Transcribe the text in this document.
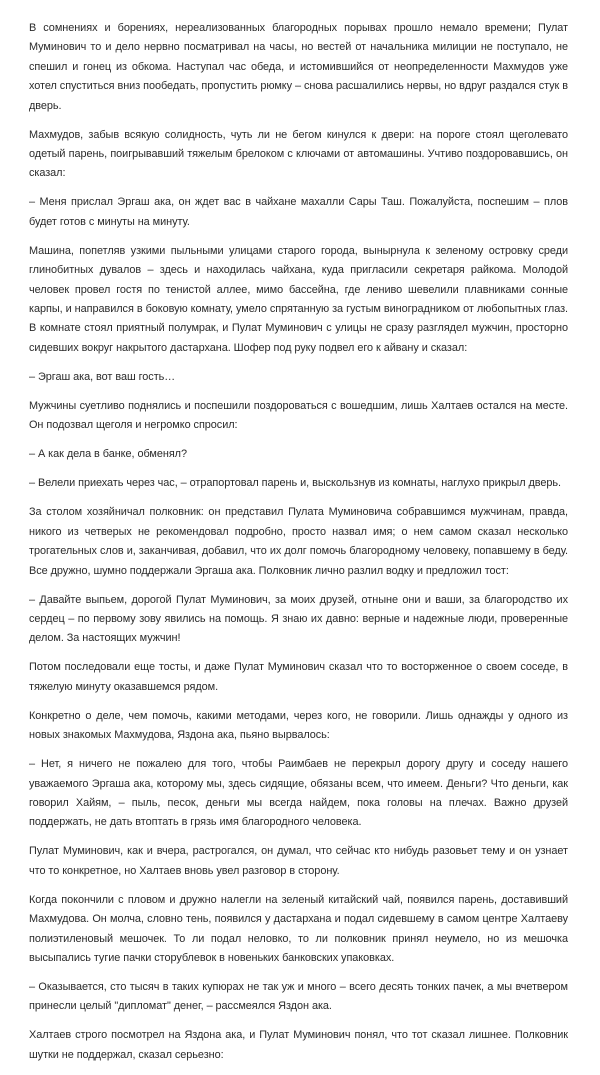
В сомнениях и борениях, нереализованных благородных порывах прошло немало времени; Пулат Муминович то и дело нервно посматривал на часы, но вестей от начальника милиции не поступало, не спешил и гонец из обкома. Наступал час обеда, и истомившийся от неопределенности Махмудов уже хотел спуститься вниз пообедать, пропустить рюмку – снова расшалились нервы, но вдруг раздался стук в дверь.

Махмудов, забыв всякую солидность, чуть ли не бегом кинулся к двери: на пороге стоял щеголевато одетый парень, поигрывавший тяжелым брелоком с ключами от автомашины. Учтиво поздоровавшись, он сказал:

– Меня прислал Эргаш ака, он ждет вас в чайхане махалли Сары Таш. Пожалуйста, поспешим – плов будет готов с минуты на минуту.

Машина, попетляв узкими пыльными улицами старого города, вынырнула к зеленому островку среди глинобитных дувалов – здесь и находилась чайхана, куда пригласили секретаря райкома. Молодой человек провел гостя по тенистой аллее, мимо бассейна, где лениво шевелили плавниками сонные карпы, и направился в боковую комнату, умело спрятанную за густым виноградником от любопытных глаз. В комнате стоял приятный полумрак, и Пулат Муминович с улицы не сразу разглядел мужчин, просторно сидевших вокруг накрытого дастархана. Шофер под руку подвел его к айвану и сказал:

– Эргаш ака, вот ваш гость…

Мужчины суетливо поднялись и поспешили поздороваться с вошедшим, лишь Халтаев остался на месте. Он подозвал щеголя и негромко спросил:

– А как дела в банке, обменял?

– Велели приехать через час, – отрапортовал парень и, выскользнув из комнаты, наглухо прикрыл дверь.

За столом хозяйничал полковник: он представил Пулата Муминовича собравшимся мужчинам, правда, никого из четверых не рекомендовал подробно, просто назвал имя; о нем самом сказал несколько трогательных слов и, заканчивая, добавил, что их долг помочь благородному человеку, попавшему в беду. Все дружно, шумно поддержали Эргаша ака. Полковник лично разлил водку и предложил тост:

– Давайте выпьем, дорогой Пулат Муминович, за моих друзей, отныне они и ваши, за благородство их сердец – по первому зову явились на помощь. Я знаю их давно: верные и надежные люди, проверенные делом. За настоящих мужчин!

Потом последовали еще тосты, и даже Пулат Муминович сказал что то восторженное о своем соседе, в тяжелую минуту оказавшемся рядом.

Конкретно о деле, чем помочь, какими методами, через кого, не говорили. Лишь однажды у одного из новых знакомых Махмудова, Яздона ака, пьяно вырвалось:

– Нет, я ничего не пожалею для того, чтобы Раимбаев не перекрыл дорогу другу и соседу нашего уважаемого Эргаша ака, которому мы, здесь сидящие, обязаны всем, что имеем. Деньги? Что деньги, как говорил Хайям, – пыль, песок, деньги мы всегда найдем, пока головы на плечах. Важно друзей поддержать, не дать втоптать в грязь имя благородного человека.

Пулат Муминович, как и вчера, растрогался, он думал, что сейчас кто нибудь разовьет тему и он узнает что то конкретное, но Халтаев вновь увел разговор в сторону.

Когда покончили с пловом и дружно налегли на зеленый китайский чай, появился парень, доставивший Махмудова. Он молча, словно тень, появился у дастархана и подал сидевшему в самом центре Халтаеву полиэтиленовый мешочек. То ли подал неловко, то ли полковник принял неумело, но из мешочка высыпались тугие пачки сторублевок в новеньких банковских упаковках.

– Оказывается, сто тысяч в таких купюрах не так уж и много – всего десять тонких пачек, а мы вчетвером принесли целый "дипломат" денег, – рассмеялся Яздон ака.

Халтаев строго посмотрел на Яздона ака, и Пулат Муминович понял, что тот сказал лишнее. Полковник шутки не поддержал, сказал серьезно:
